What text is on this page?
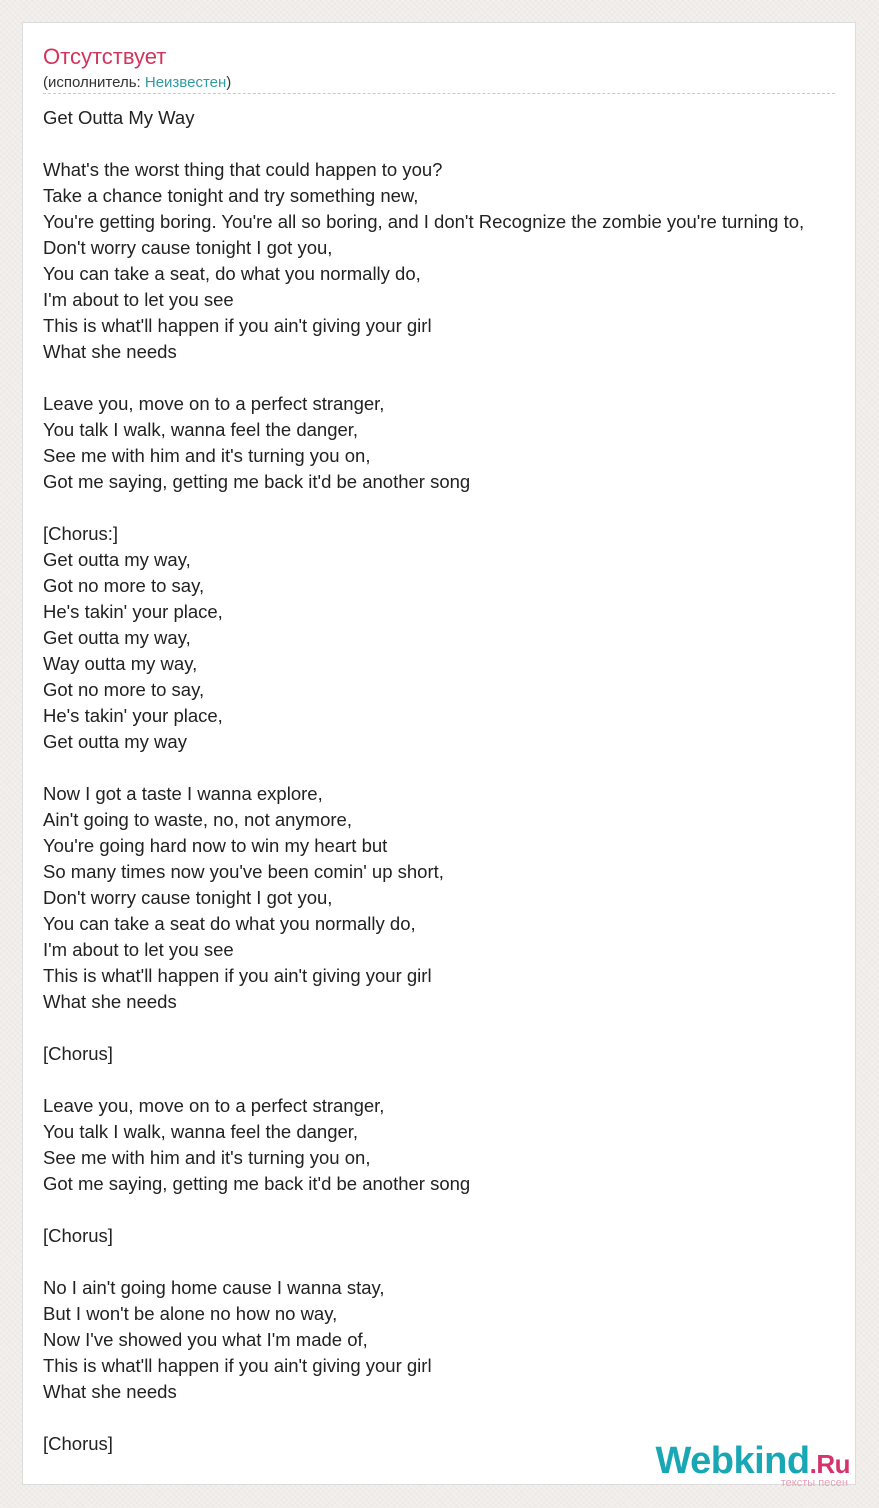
Отсутствует
(исполнитель: Неизвестен)
Get Outta My Way
What's the worst thing that could happen to you?
Take a chance tonight and try something new,
You're getting boring. You're all so boring, and I don't Recognize the zombie you're turning to,
Don't worry cause tonight I got you,
You can take a seat, do what you normally do,
I'm about to let you see
This is what'll happen if you ain't giving your girl
What she needs
Leave you, move on to a perfect stranger,
You talk I walk, wanna feel the danger,
See me with him and it's turning you on,
Got me saying, getting me back it'd be another song
[Chorus:]
Get outta my way,
Got no more to say,
He's takin' your place,
Get outta my way,
Way outta my way,
Got no more to say,
He's takin' your place,
Get outta my way
Now I got a taste I wanna explore,
Ain't going to waste, no, not anymore,
You're going hard now to win my heart but
So many times now you've been comin' up short,
Don't worry cause tonight I got you,
You can take a seat do what you normally do,
I'm about to let you see
This is what'll happen if you ain't giving your girl
What she needs
[Chorus]
Leave you, move on to a perfect stranger,
You talk I walk, wanna feel the danger,
See me with him and it's turning you on,
Got me saying, getting me back it'd be another song
[Chorus]
No I ain't going home cause I wanna stay,
But I won't be alone no how no way,
Now I've showed you what I'm made of,
This is what'll happen if you ain't giving your girl
What she needs
[Chorus]	Webkind.Ru
тексты песен
